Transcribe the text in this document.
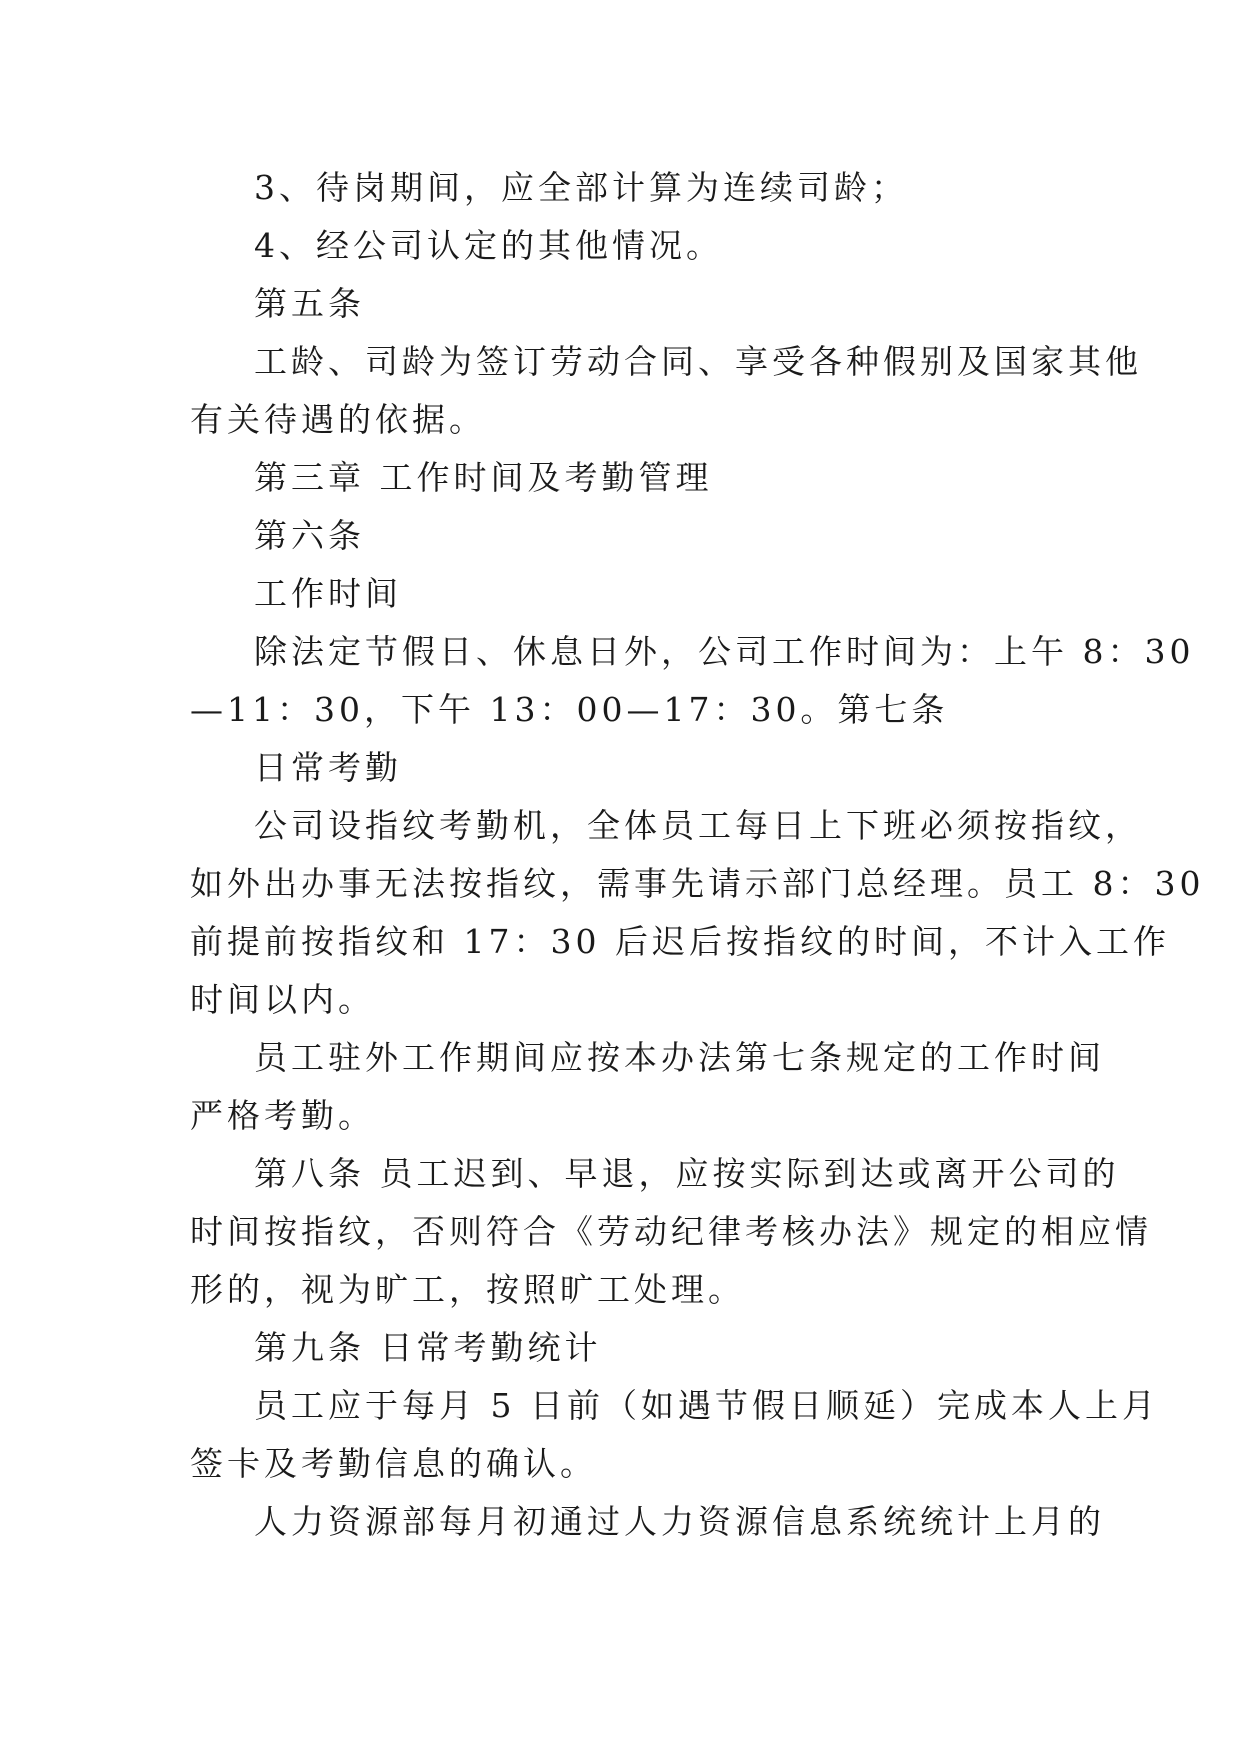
3、待岗期间，应全部计算为连续司龄；
4、经公司认定的其他情况。
第五条
工龄、司龄为签订劳动合同、享受各种假别及国家其他
有关待遇的依据。
第三章 工作时间及考勤管理
第六条
工作时间
除法定节假日、休息日外，公司工作时间为：上午 8：30
—11：30，下午 13：00—17：30。第七条
日常考勤
公司设指纹考勤机，全体员工每日上下班必须按指纹，
如外出办事无法按指纹，需事先请示部门总经理。员工 8：30
前提前按指纹和 17：30 后迟后按指纹的时间，不计入工作
时间以内。
员工驻外工作期间应按本办法第七条规定的工作时间
严格考勤。
第八条 员工迟到、早退，应按实际到达或离开公司的
时间按指纹，否则符合《劳动纪律考核办法》规定的相应情
形的，视为旷工，按照旷工处理。
第九条 日常考勤统计
员工应于每月 5 日前（如遇节假日顺延）完成本人上月
签卡及考勤信息的确认。
人力资源部每月初通过人力资源信息系统统计上月的
